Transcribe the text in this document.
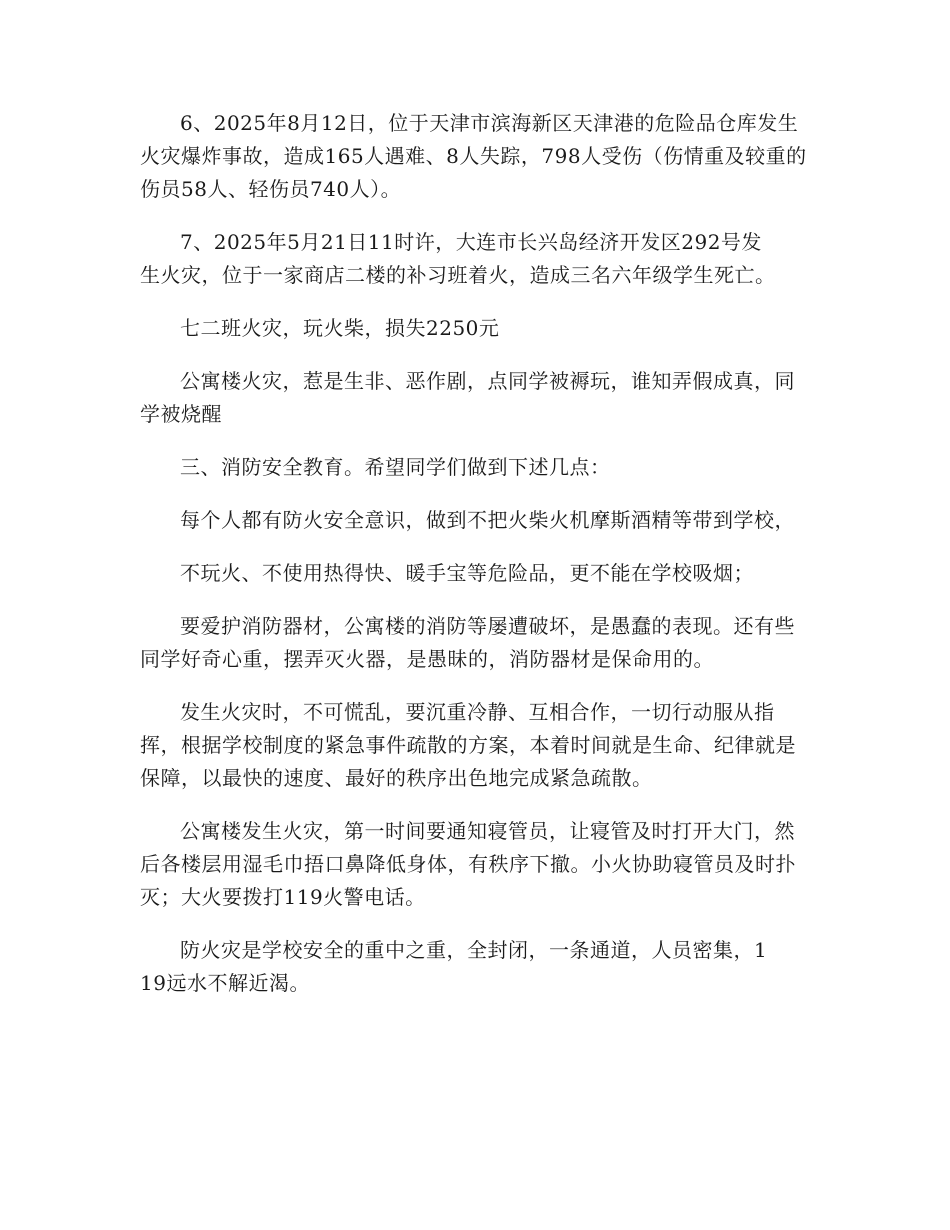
6、2025年8月12日，位于天津市滨海新区天津港的危险品仓库发生火灾爆炸事故，造成165人遇难、8人失踪，798人受伤（伤情重及较重的伤员58人、轻伤员740人）。

7、2025年5月21日11时许，大连市长兴岛经济开发区292号发生火灾，位于一家商店二楼的补习班着火，造成三名六年级学生死亡。

七二班火灾，玩火柴，损失2250元

公寓楼火灾，惹是生非、恶作剧，点同学被褥玩，谁知弄假成真，同学被烧醒

三、消防安全教育。希望同学们做到下述几点：

每个人都有防火安全意识，做到不把火柴火机摩斯酒精等带到学校，

不玩火、不使用热得快、暖手宝等危险品，更不能在学校吸烟；

要爱护消防器材，公寓楼的消防等屡遭破坏，是愚蠢的表现。还有些同学好奇心重，摆弄灭火器，是愚昧的，消防器材是保命用的。

发生火灾时，不可慌乱，要沉重冷静、互相合作，一切行动服从指挥，根据学校制度的紧急事件疏散的方案，本着时间就是生命、纪律就是保障，以最快的速度、最好的秩序出色地完成紧急疏散。

公寓楼发生火灾，第一时间要通知寝管员，让寝管及时打开大门，然后各楼层用湿毛巾捂口鼻降低身体，有秩序下撤。小火协助寝管员及时扑灭；大火要拨打119火警电话。

防火灾是学校安全的重中之重，全封闭，一条通道，人员密集，119远水不解近渴。
